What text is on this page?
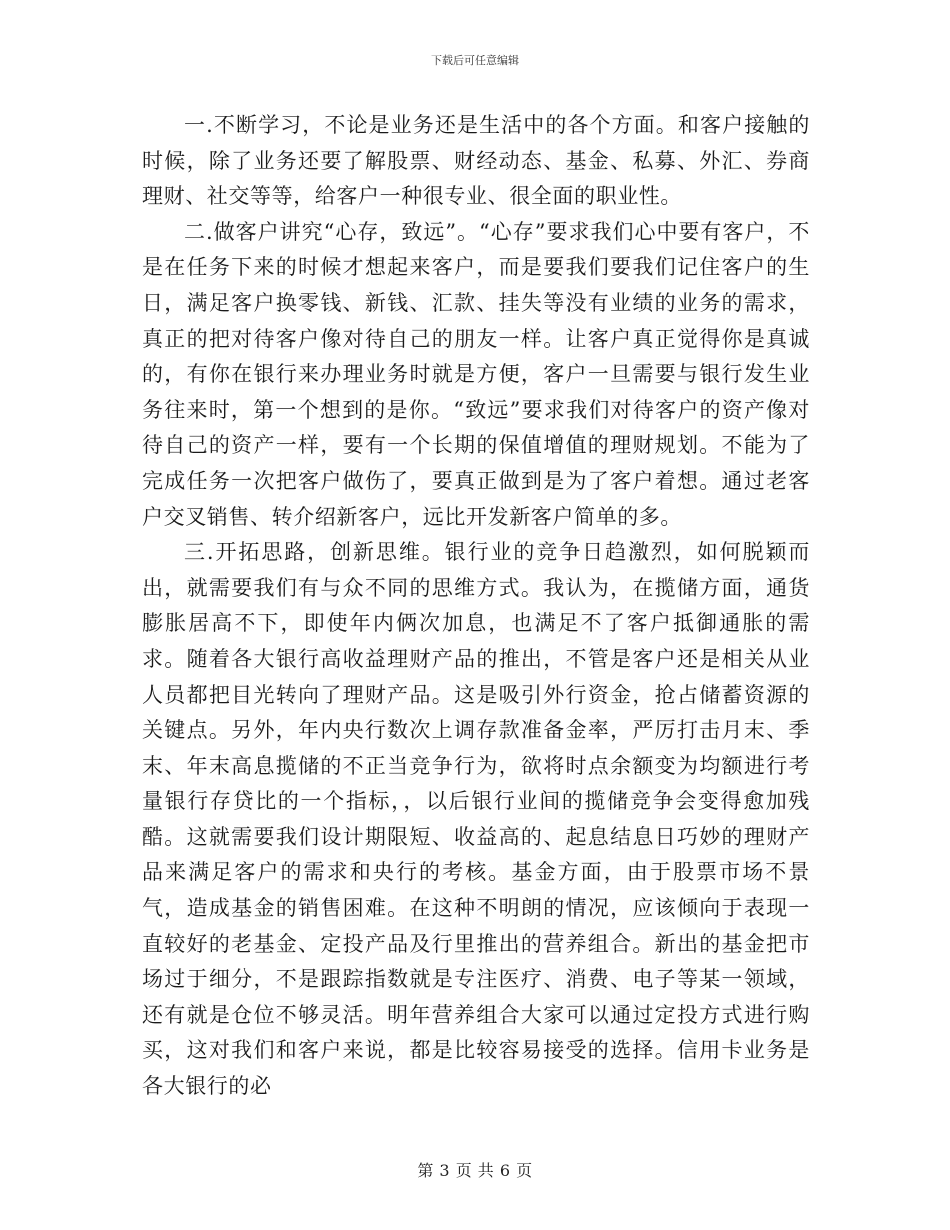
下载后可任意编辑

一.不断学习，不论是业务还是生活中的各个方面。和客户接触的时候，除了业务还要了解股票、财经动态、基金、私募、外汇、券商理财、社交等等，给客户一种很专业、很全面的职业性。

二.做客户讲究“心存，致远”。“心存”要求我们心中要有客户，不是在任务下来的时候才想起来客户，而是要我们要我们记住客户的生日，满足客户换零钱、新钱、汇款、挂失等没有业绩的业务的需求，真正的把对待客户像对待自己的朋友一样。让客户真正觉得你是真诚的，有你在银行来办理业务时就是方便，客户一旦需要与银行发生业务往来时，第一个想到的是你。“致远”要求我们对待客户的资产像对待自己的资产一样，要有一个长期的保值增值的理财规划。不能为了完成任务一次把客户做伤了，要真正做到是为了客户着想。通过老客户交叉销售、转介绍新客户，远比开发新客户简单的多。

三.开拓思路，创新思维。银行业的竞争日趋激烈，如何脱颖而出，就需要我们有与众不同的思维方式。我认为，在揽储方面，通货膨胀居高不下，即使年内俩次加息，也满足不了客户抵御通胀的需求。随着各大银行高收益理财产品的推出，不管是客户还是相关从业人员都把目光转向了理财产品。这是吸引外行资金，抢占储蓄资源的关键点。另外，年内央行数次上调存款准备金率，严厉打击月末、季末、年末高息揽储的不正当竞争行为，欲将时点余额变为均额进行考量银行存贷比的一个指标，，以后银行业间的揽储竞争会变得愈加残酷。这就需要我们设计期限短、收益高的、起息结息日巧妙的理财产品来满足客户的需求和央行的考核。基金方面，由于股票市场不景气，造成基金的销售困难。在这种不明朗的情况，应该倾向于表现一直较好的老基金、定投产品及行里推出的营养组合。新出的基金把市场过于细分，不是跟踪指数就是专注医疗、消费、电子等某一领域，还有就是仓位不够灵活。明年营养组合大家可以通过定投方式进行购买，这对我们和客户来说，都是比较容易接受的选择。信用卡业务是各大银行的必

第 3 页 共 6 页
